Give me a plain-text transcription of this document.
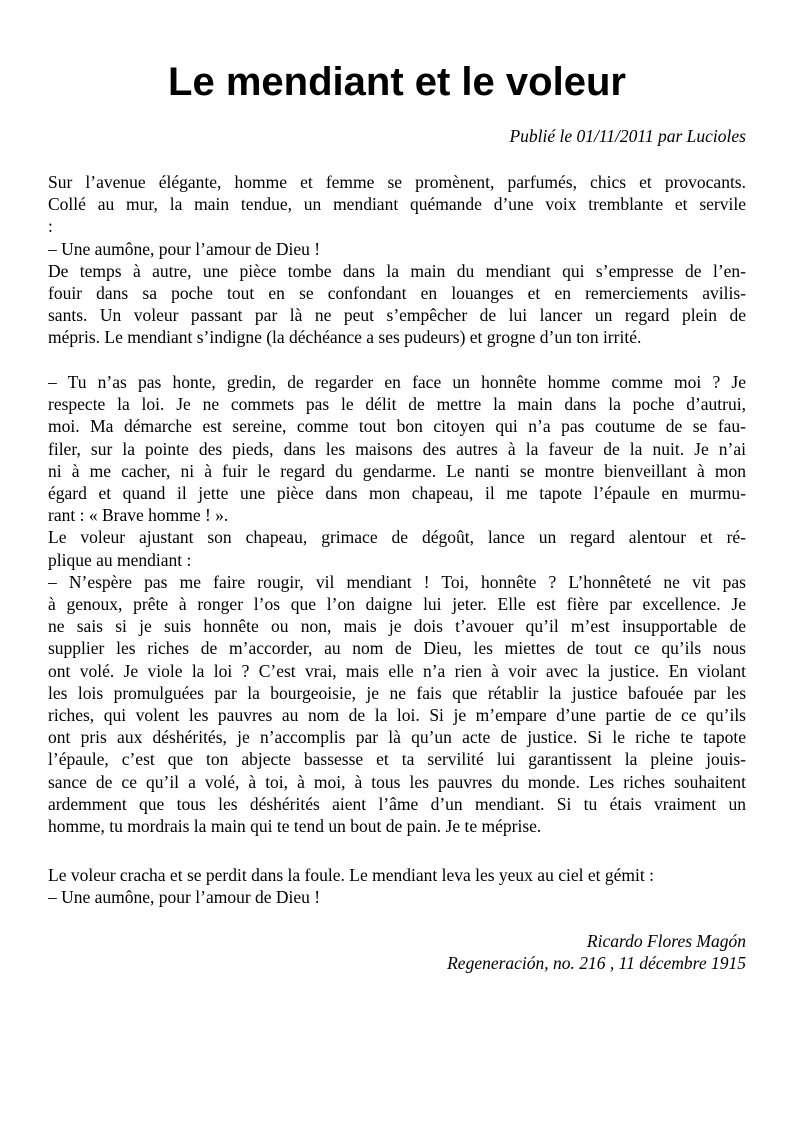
Le mendiant et le voleur
Publié le 01/11/2011 par Lucioles
Sur l’avenue élégante, homme et femme se promènent, parfumés, chics et provocants.
Collé au mur, la main tendue, un mendiant quémande d’une voix tremblante et servile
:
– Une aumône, pour l’amour de Dieu !
De temps à autre, une pièce tombe dans la main du mendiant qui s’empresse de l’en-
fouir dans sa poche tout en se confondant en louanges et en remerciements avilis-
sants. Un voleur passant par là ne peut s’empêcher de lui lancer un regard plein de
mépris. Le mendiant s’indigne (la déchéance a ses pudeurs) et grogne d’un ton irrité.
– Tu n’as pas honte, gredin, de regarder en face un honnête homme comme moi ? Je
respecte la loi. Je ne commets pas le délit de mettre la main dans la poche d’autrui,
moi. Ma démarche est sereine, comme tout bon citoyen qui n’a pas coutume de se fau-
filer, sur la pointe des pieds, dans les maisons des autres à la faveur de la nuit. Je n’ai
ni à me cacher, ni à fuir le regard du gendarme. Le nanti se montre bienveillant à mon
égard et quand il jette une pièce dans mon chapeau, il me tapote l’épaule en murmu-
rant : « Brave homme ! ».
Le voleur ajustant son chapeau, grimace de dégoût, lance un regard alentour et ré-
plique au mendiant :
– N’espère pas me faire rougir, vil mendiant ! Toi, honnête ? L’honnêteté ne vit pas
à genoux, prête à ronger l’os que l’on daigne lui jeter. Elle est fière par excellence. Je
ne sais si je suis honnête ou non, mais je dois t’avouer qu’il m’est insupportable de
supplier les riches de m’accorder, au nom de Dieu, les miettes de tout ce qu’ils nous
ont volé. Je viole la loi ? C’est vrai, mais elle n’a rien à voir avec la justice. En violant
les lois promulguées par la bourgeoisie, je ne fais que rétablir la justice bafouée par les
riches, qui volent les pauvres au nom de la loi. Si je m’empare d’une partie de ce qu’ils
ont pris aux déshérités, je n’accomplis par là qu’un acte de justice. Si le riche te tapote
l’épaule, c’est que ton abjecte bassesse et ta servilité lui garantissent la pleine jouis-
sance de ce qu’il a volé, à toi, à moi, à tous les pauvres du monde. Les riches souhaitent
ardemment que tous les déshérités aient l’âme d’un mendiant. Si tu étais vraiment un
homme, tu mordrais la main qui te tend un bout de pain. Je te méprise.
Le voleur cracha et se perdit dans la foule. Le mendiant leva les yeux au ciel et gémit :
– Une aumône, pour l’amour de Dieu !
Ricardo Flores Magón
Regeneración, no. 216 , 11 décembre 1915
